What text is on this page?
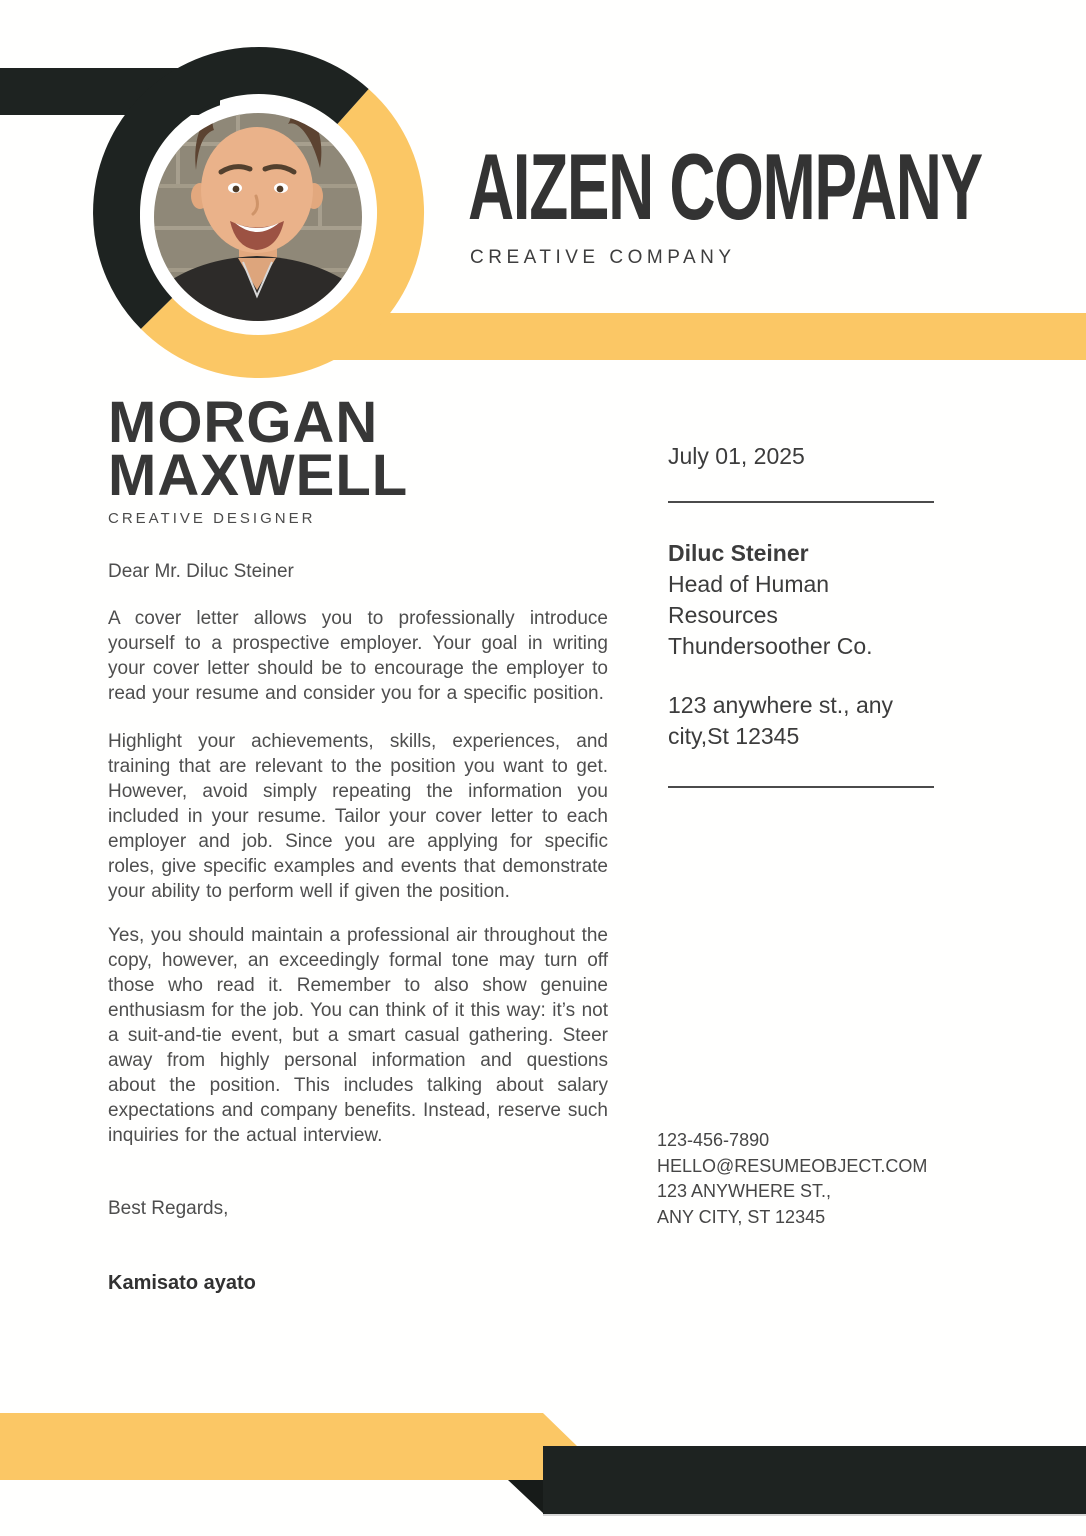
AIZEN COMPANY
CREATIVE COMPANY
MORGAN MAXWELL
CREATIVE DESIGNER
Dear Mr. Diluc Steiner

A cover letter allows you to professionally introduce yourself to a prospective employer. Your goal in writing your cover letter should be to encourage the employer to read your resume and consider you for a specific position.

Highlight your achievements, skills, experiences, and training that are relevant to the position you want to get. However, avoid simply repeating the information you included in your resume. Tailor your cover letter to each employer and job. Since you are applying for specific roles, give specific examples and events that demonstrate your ability to perform well if given the position.

Yes, you should maintain a professional air throughout the copy, however, an exceedingly formal tone may turn off those who read it. Remember to also show genuine enthusiasm for the job. You can think of it this way: it’s not a suit-and-tie event, but a smart casual gathering. Steer away from highly personal information and questions about the position. This includes talking about salary expectations and company benefits. Instead, reserve such inquiries for the actual interview.

Best Regards,
Kamisato ayato
July 01, 2025
Diluc Steiner
Head of Human Resources
Thundersoother Co.
123 anywhere st., any city,St 12345
123-456-7890
HELLO@RESUMEOBJECT.COM
123 ANYWHERE ST.,
ANY CITY, ST 12345
